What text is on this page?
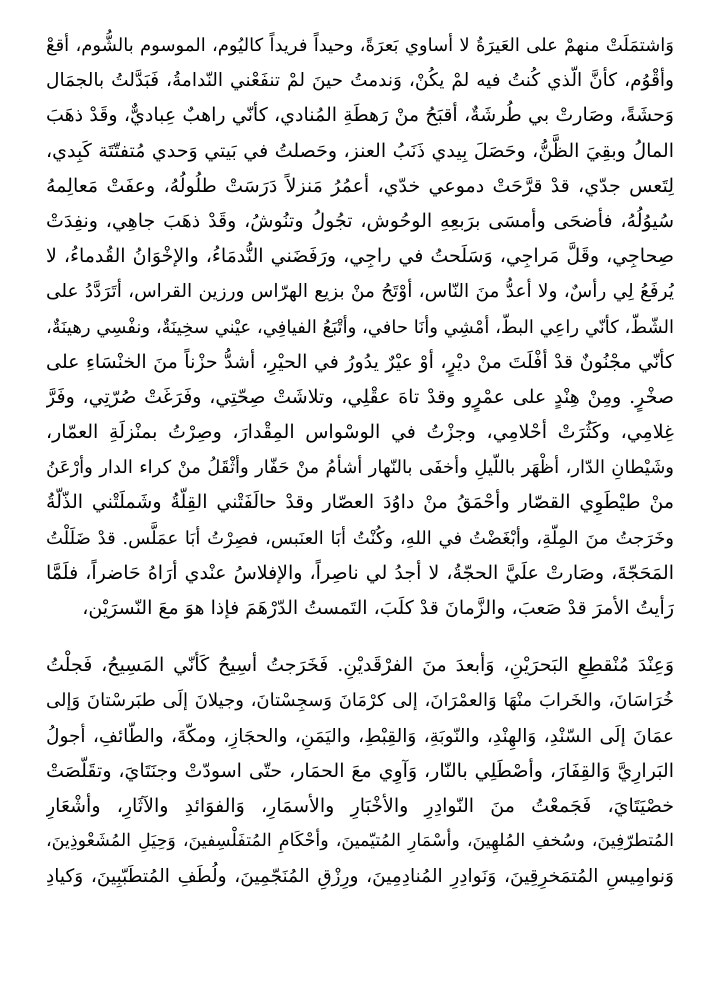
وَاشتمَلَتْ منهمْ على العَيرَةُ لا أساوي بَعرَةً، وحيداً فريداً كاليُوم، الموسوم بالشُّوم، أقعْ
وأقْوُم، كأنَّ الّذي كُنتُ فيه لمْ يكُنْ، وَندمتُ حينَ لمْ تنفَعْني النّدامةُ، فَبَدَّلتُ بالجمَال
وَحشَةً، وصَارتْ بي طُرشَةٌ، أقبَحُ منْ رَهطَةِ المُنادي، كأنّي راهبٌ عِباديٌّ، وقَدْ ذهَبَ
المالُ وبقِيَ الظَّنُّ، وحَصَلَ بِيدي ذَنَبُ العنز، وحَصلتُ في بَيتي وَحدي مُتفتّتَة كَبِدي،
لِتَعس جدّي، قدْ قرَّحَتْ دموعي خدّي، أعمُرُ مَنزلاً دَرَسَتْ طلُولُهُ، وعفَتْ مَعالِمهُ
سُيوُلُهُ، فأضحَى وأمسَى برَبعِهِ الوحُوش، تجُولُ وتنُوشُ، وقَدْ ذهَبَ جاهِي، ونفِدَتْ
صِحاجِي، وقَلَّ مَراجِي، وَسَلَحتُ في راجِي، ورَفَضَني النُّدمَاءُ، والإخْوَانُ القُدماءُ، لا
يُرفَعُ لِي رأسٌ، ولا أعدُّ منَ النّاس، أوْتَحُ منْ بزيع الهرّاس ورزين القراس، أتَرَدَّدُ على
الشّطّ، كأنّي راعِي البطّ، أمْشِي وأنَا حافي، وأتْبَعُ الفيافِي، عيْني سخِينَةٌ، ونفْسِي رهينَةٌ،
كأنّي مجْنُونٌ قدْ أفْلَتَ منْ ديْرٍ، أوْ عيْرٌ يدُورُ في الحيْرِ، أشدُّ حزْناً منَ الخنْسَاءِ على
صخْرٍ. ومِنْ هِنْدٍ على عمْرٍو وقدْ تاهَ عقْلِي، وتلاشَتْ صِحّتِي، وفَرَغَتْ صُرّتِي، وفَرَّ
غِلامِي، وكَثُرَتْ أحْلامِي، وجزْتُ في الوسْواس المِقْدارَ، وصِرْتُ بمنْزلَةِ العمّار،
وشَيْطانِ الدّار، أظْهَر باللّيلِ وأخفَى بالنّهار أشأمُ منْ حَفّار وأثْقَلُ منْ كراء الدار وأرْعَنُ
منْ طيْطَوِي القصّار وأحْمَقُ منْ داوُدَ العصّار وقدْ حالَفَتْني القِلّةُ وشَملَتْني الذّلّةُ
وخَرَجتُ منَ المِلّةِ، وأبْغَضْتُ في اللهِ، وكُنْتُ أبَا العنَبس، فصِرْتُ أبَا عمَلَّس. قدْ ضَلَلْتُ
المَحَجّةَ، وصَارتْ علَيَّ الحجّةُ، لا أجدُ لي ناصِراً، والإفلاسُ عنْدي أرَاهُ حَاضراً، فلَمَّا
رَأيتُ الأمرَ قدْ صَعبَ، والزَّمانَ قدْ كلَبَ، التَمستُ الدّرْهَمَ فإذا هوَ معَ النّسرَيْن،
وَعِنْدَ مُنْقطِعِ البَحرَيْنِ، وَأبعدَ منَ الفرْقَديْنِ. فَخَرَجتُ أسِيحُ كَأنّي المَسِيحُ، فَجلْتُ
خُرَاسَانَ، والخَرابَ منْهَا وَالعمْرَانَ، إلى كرْمَانَ وَسجِسْتانَ، وجيلانَ إلَى طبَرسْتانَ وَإلى
عمَانَ إلَى السّنْدِ، وَالهِنْدِ، والنّوبَةِ، وَالقِبْطِ، واليَمَنِ، والحجَازِ، ومكّةَ، والطّائفِ، أجولُ
البَرارِيَّ وَالقِفَارَ، وأصْطَلِي بالنّار، وَآوِي معَ الحمَار، حتّى اسودّتْ وجنَتَايَ، وتقَلّصَتْ
خصْيَتَايَ، فَجَمعْتُ منَ النّوادِرِ والأخْبَارِ والأسمَارِ، وَالفوَائدِ والآثَارِ، وأشْعَارِ
المُتطرّفِينَ، وسُخفِ المُلهِينَ، وأسْمَارِ المُتيّمينَ، وأحْكَامِ المُتفَلْسِفينَ، وَحِيَلِ المُشَعْوذِينَ،
وَنوامِيسِ المُتمَخرِقِينَ، وَنَوادِرِ المُنادِمِينَ، ورِزْقِ المُنَجّمِينَ، ولُطَفِ المُتطَبّبِينَ، وَكيادِ
